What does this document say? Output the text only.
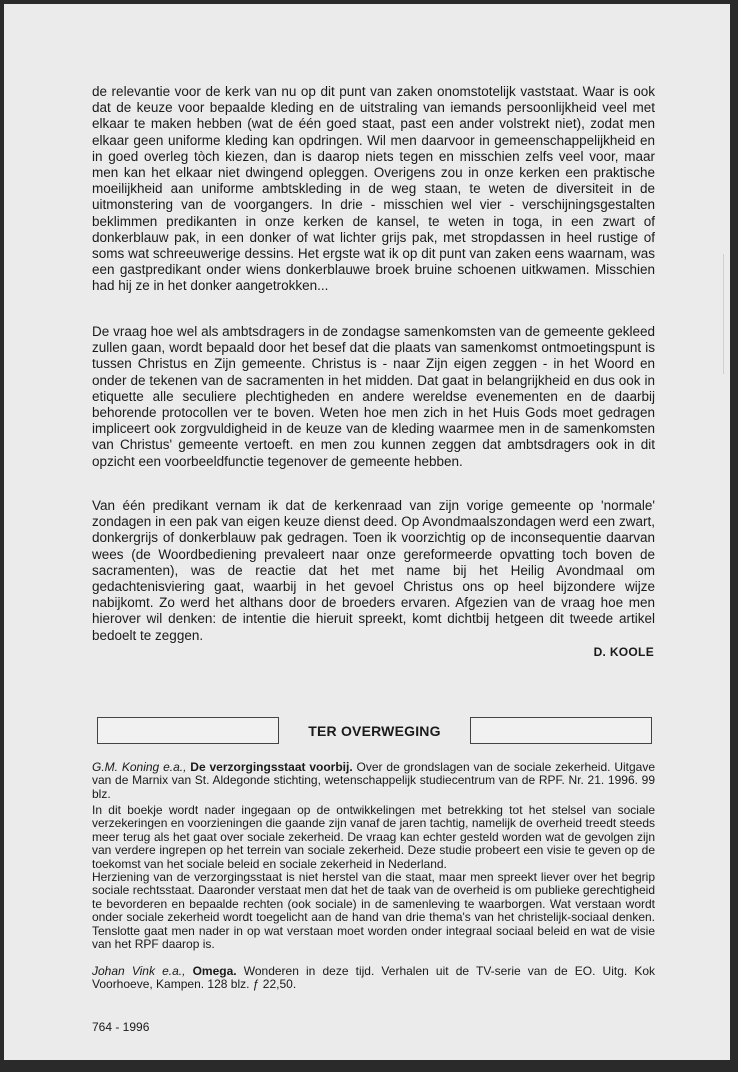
de relevantie voor de kerk van nu op dit punt van zaken onomstotelijk vaststaat. Waar is ook dat de keuze voor bepaalde kleding en de uitstraling van iemands persoonlijkheid veel met elkaar te maken hebben (wat de één goed staat, past een ander volstrekt niet), zodat men elkaar geen uniforme kleding kan opdringen. Wil men daarvoor in gemeenschappelijkheid en in goed overleg tòch kiezen, dan is daarop niets tegen en misschien zelfs veel voor, maar men kan het elkaar niet dwingend opleggen. Overigens zou in onze kerken een praktische moeilijkheid aan uniforme ambtskleding in de weg staan, te weten de diversiteit in de uitmonstering van de voorgangers. In drie - misschien wel vier - verschijningsgestalten beklimmen predikanten in onze kerken de kansel, te weten in toga, in een zwart of donkerblauw pak, in een donker of wat lichter grijs pak, met stropdassen in heel rustige of soms wat schreeuwerige dessins. Het ergste wat ik op dit punt van zaken eens waarnam, was een gastpredikant onder wiens donkerblauwe broek bruine schoenen uitkwamen. Misschien had hij ze in het donker aangetrokken...

De vraag hoe wel als ambtsdragers in de zondagse samenkomsten van de gemeente gekleed zullen gaan, wordt bepaald door het besef dat die plaats van samenkomst ontmoetingspunt is tussen Christus en Zijn gemeente. Christus is - naar Zijn eigen zeggen - in het Woord en onder de tekenen van de sacramenten in het midden. Dat gaat in belangrijkheid en dus ook in etiquette alle seculiere plechtigheden en andere wereldse evenementen en de daarbij behorende protocollen ver te boven. Weten hoe men zich in het Huis Gods moet gedragen impliceert ook zorgvuldigheid in de keuze van de kleding waarmee men in de samenkomsten van Christus' gemeente vertoeft. en men zou kunnen zeggen dat ambtsdragers ook in dit opzicht een voorbeeldfunctie tegenover de gemeente hebben.

Van één predikant vernam ik dat de kerkenraad van zijn vorige gemeente op 'normale' zondagen in een pak van eigen keuze dienst deed. Op Avondmaalszondagen werd een zwart, donkergrijs of donkerblauw pak gedragen. Toen ik voorzichtig op de inconsequentie daarvan wees (de Woordbediening prevaleert naar onze gereformeerde opvatting toch boven de sacramenten), was de reactie dat het met name bij het Heilig Avondmaal om gedachtenisviering gaat, waarbij in het gevoel Christus ons op heel bijzondere wijze nabijkomt. Zo werd het althans door de broeders ervaren. Afgezien van de vraag hoe men hierover wil denken: de intentie die hieruit spreekt, komt dichtbij hetgeen dit tweede artikel bedoelt te zeggen.

D. KOOLE
TER OVERWEGING

G.M. Koning e.a., De verzorgingsstaat voorbij. Over de grondslagen van de sociale zekerheid. Uitgave van de Marnix van St. Aldegonde stichting, wetenschappelijk studiecentrum van de RPF. Nr. 21. 1996. 99 blz.

In dit boekje wordt nader ingegaan op de ontwikkelingen met betrekking tot het stelsel van sociale verzekeringen en voorzieningen die gaande zijn vanaf de jaren tachtig, namelijk de overheid treedt steeds meer terug als het gaat over sociale zekerheid. De vraag kan echter gesteld worden wat de gevolgen zijn van verdere ingrepen op het terrein van sociale zekerheid. Deze studie probeert een visie te geven op de toekomst van het sociale beleid en sociale zekerheid in Nederland.

Herziening van de verzorgingsstaat is niet herstel van die staat, maar men spreekt liever over het begrip sociale rechtsstaat. Daaronder verstaat men dat het de taak van de overheid is om publieke gerechtigheid te bevorderen en bepaalde rechten (ook sociale) in de samenleving te waarborgen. Wat verstaan wordt onder sociale zekerheid wordt toegelicht aan de hand van drie thema's van het christelijk-sociaal denken. Tenslotte gaat men nader in op wat verstaan moet worden onder integraal sociaal beleid en wat de visie van het RPF daarop is.

Johan Vink e.a., Omega. Wonderen in deze tijd. Verhalen uit de TV-serie van de EO. Uitg. Kok Voorhoeve, Kampen. 128 blz. ƒ 22,50.

764 - 1996
